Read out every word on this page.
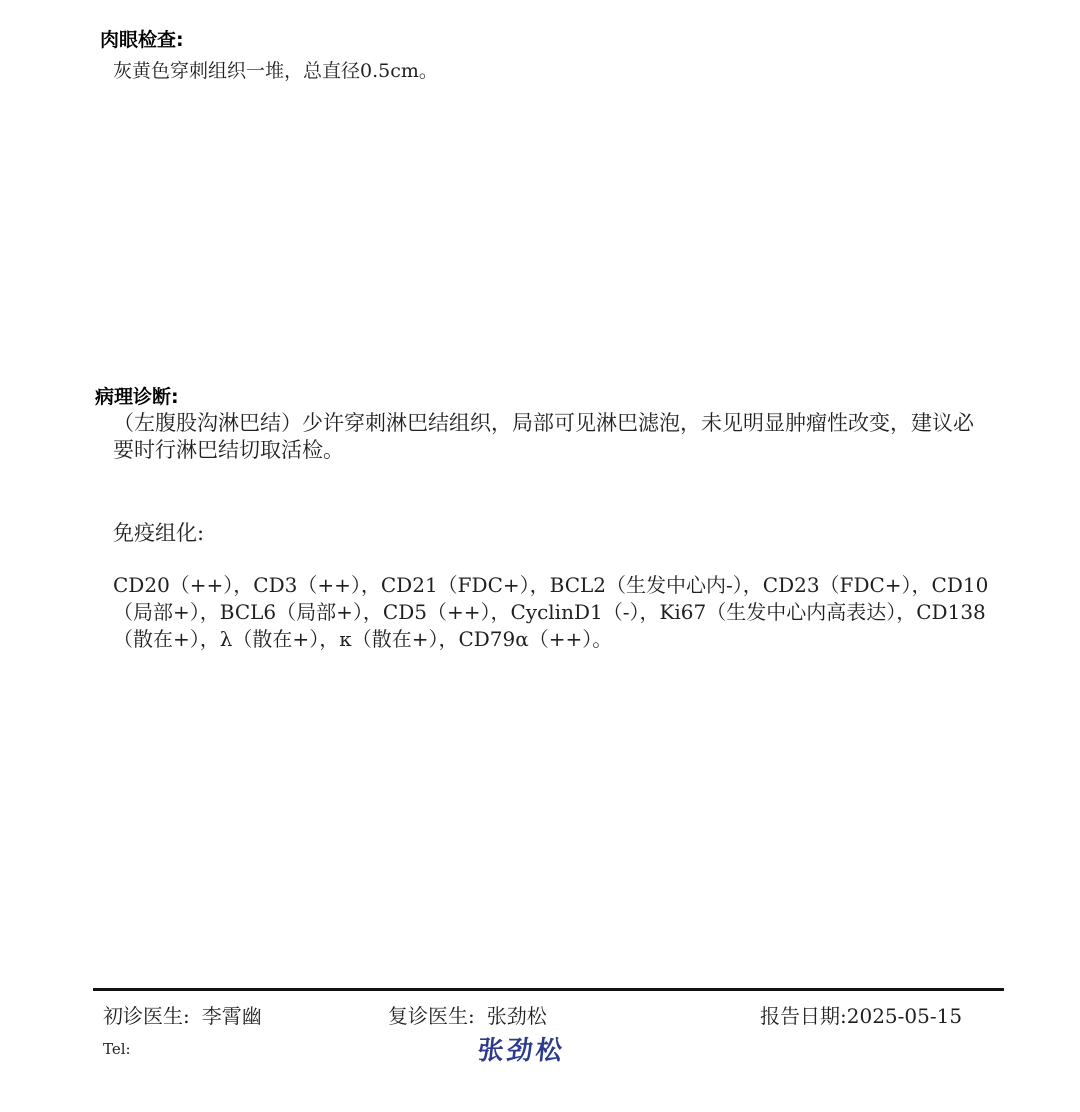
肉眼检查:
灰黄色穿刺组织一堆，总直径0.5cm。
病理诊断:
（左腹股沟淋巴结）少许穿刺淋巴结组织，局部可见淋巴滤泡，未见明显肿瘤性改变，建议必要时行淋巴结切取活检。
免疫组化:
CD20（++），CD3（++），CD21（FDC+），BCL2（生发中心内-），CD23（FDC+），CD10（局部+），BCL6（局部+），CD5（++），CyclinD1（-），Ki67（生发中心内高表达），CD138（散在+），λ（散在+），κ（散在+），CD79α（++）。
初诊医生: 李霄幽	复诊医生: 张劲松	报告日期:2025-05-15
Tel:	张劲松
